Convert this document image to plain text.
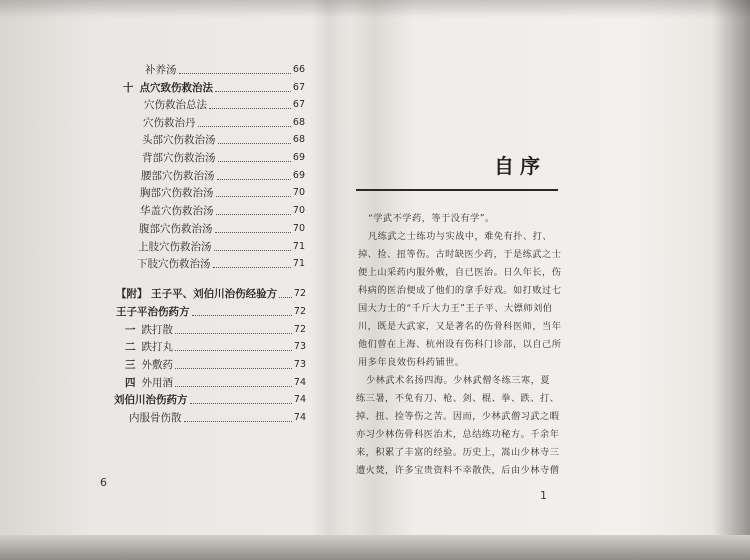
补养汤	66
十 点穴致伤救治法	67
穴伤救治总法	67
穴伤救治丹	68
头部穴伤救治汤	68
背部穴伤救治汤	69
腰部穴伤救治汤	69
胸部穴伤救治汤	70
华盖穴伤救治汤	70
腹部穴伤救治汤	70
上肢穴伤救治汤	71
下肢穴伤救治汤	71
【附】 王子平、刘伯川治伤经验方 72
王子平治伤药方	72
一 跌打散	72
二 跌打丸	73
三 外敷药	73
四 外用酒	74
刘伯川治伤药方	74
内服骨伤散	74
6
自序
“学武不学药，等于没有学”。
凡练武之士练功与实战中，难免有扑、打、
掉、捡、扭等伤。古时缺医少药，于是练武之士
便上山采药内服外敷，自已医治。日久年长，伤
科病的医治便成了他们的拿手好戏。如打败过七
国大力士的“千斤大力王”王子平、大镖师刘伯
川，既是大武家，又是著名的伤骨科医师，当年
他们曾在上海、杭州设有伤科门诊部，以自己所
用多年良效伤科药铺世。
少林武术名扬四海。少林武僧冬练三寒，夏
练三暑，不免有刀、枪、剑、棍、拳、跌、打、
掉、扭、捡等伤之苦。因而，少林武僧习武之暇
亦习少林伤骨科医治术，总结练功秘方。千余年
来，积累了丰富的经验。历史上，嵩山少林寺三
遭火焚，许多宝贵资料不幸散佚，后由少林寺僧
1
